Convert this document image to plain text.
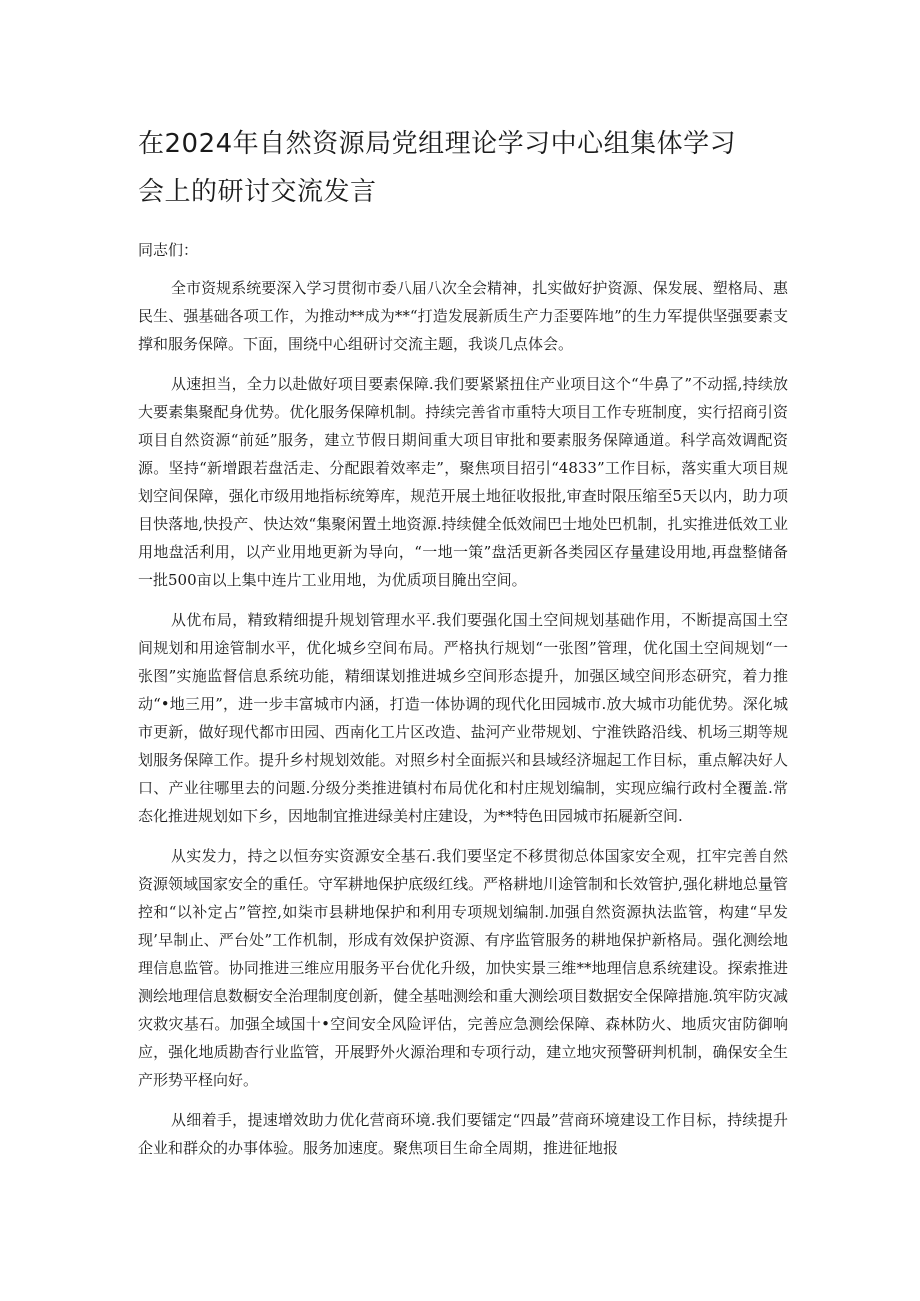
在2024年自然资源局党组理论学习中心组集体学习
会上的研讨交流发言

同志们：

全市资规系统要深入学习贯彻市委八届八次全会精神，扎实做好护资源、保发展、塑格局、惠民生、强基础各项工作，为推动**成为**“打造发展新质生产力歪要阵地”的生力军提供坚强要素支撑和服务保障。下面，围绕中心组研讨交流主题，我谈几点体会。

从速担当，全力以赴做好项目要素保障.我们要紧紧扭住产业项目这个“牛鼻了”不动摇,持续放大要素集聚配身优势。优化服务保障机制。持续完善省市重特大项目工作专班制度，实行招商引资项目自然资源“前延”服务，建立节假日期间重大项目审批和要素服务保障通道。科学高效调配资源。坚持“新增跟若盘活走、分配跟着效率走”，聚焦项目招引“4833”工作目标，落实重大项目规划空间保障，强化市级用地指标统筹库，规范开展土地征收报批,审查时限压缩至5天以内，助力项目快落地,快投产、快达效“集聚闲置土地资源.持续健全低效闹巴士地处巴机制，扎实推进低效工业用地盘活利用，以产业用地更新为导向，“一地一策”盘活更新各类园区存量建设用地,再盘整储备一批500亩以上集中连片工业用地，为优质项目腌出空间。

从优布局，精致精细提升规划管理水平.我们要强化国土空间规划基础作用，不断提高国土空间规划和用途管制水平，优化城乡空间布局。严格执行规划“一张图”管理，优化国土空间规划“一张图”实施监督信息系统功能，精细谋划推进城乡空间形态提升，加强区域空间形态研究，着力推动“•地三用”，进一步丰富城市内涵，打造一体协调的现代化田园城市.放大城市功能优势。深化城市更新，做好现代都市田园、西南化工片区改造、盐河产业带规划、宁淮铁路沿线、机场三期等规划服务保障工作。提升乡村规划效能。对照乡村全面振兴和县域经济堀起工作目标，重点解决好人口、产业往哪里去的问题.分级分类推进镇村布局优化和村庄规划编制，实现应编行政村全覆盖.常态化推进规划如下乡，因地制宜推进绿美村庄建设，为**特色田园城市拓屣新空间.

从实发力，持之以恒夯实资源安全基石.我们要坚定不移贯彻总体国家安全观，扛牢完善自然资源领域国家安全的重任。守军耕地保护底级红线。严格耕地川途管制和长效管护,强化耕地总量管控和“以补定占”管控,如柒市县耕地保护和利用专项规划编制.加强自然资源执法监管，构建“早发现’早制止、严台处”工作机制，形成有效保护资源、有序监管服务的耕地保护新格局。强化测绘地理信息监管。协同推进三维应用服务平台优化升级，加快实景三维**地理信息系统建设。探索推进测绘地理信息数橱安全治理制度创新，健全基咄测绘和重大测绘项目数据安全保障措施.筑牢防灾减灾救灾基石。加强全域国十•空间安全风险评估，完善应急测绘保障、森林防火、地质灾宙防御响应，强化地质勘杳行业监管，开展野外火源治理和专项行动，建立地灾预警研判机制，确保安全生产形势平柽向好。

从细着手，提速增效助力优化营商环境.我们要镭定“四最”营商环境建设工作目标，持续提升企业和群众的办事体验。服务加速度。聚焦项目生命全周期，推进征地报
